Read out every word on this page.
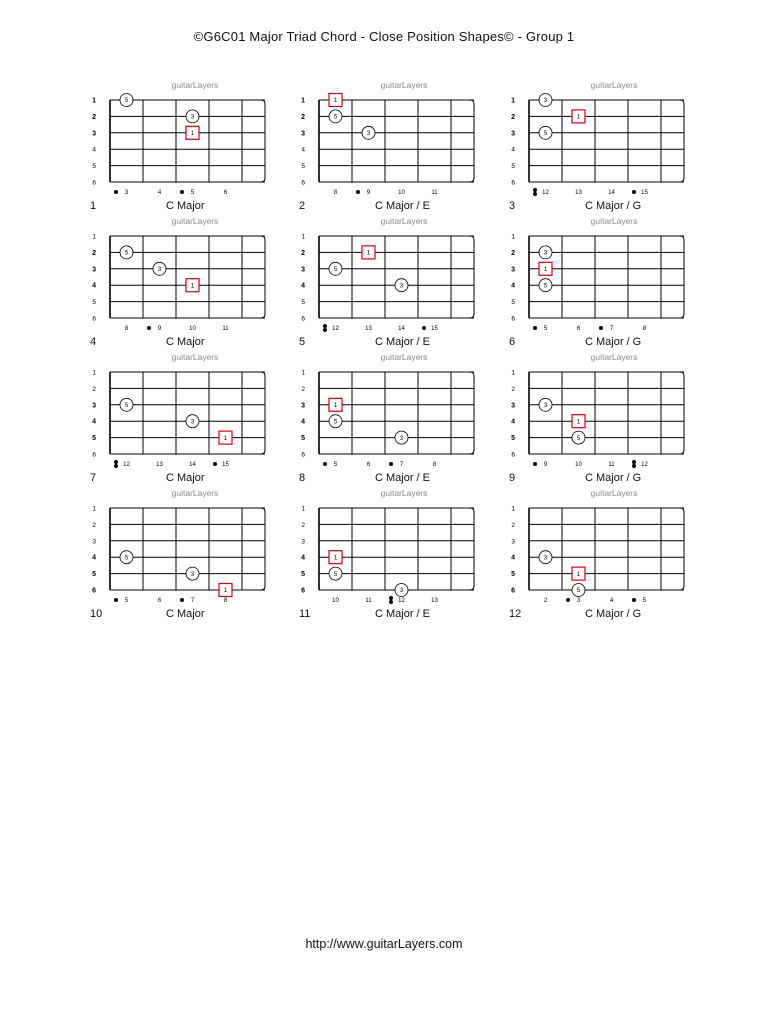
©G6C01 Major Triad Chord - Close Position Shapes© - Group 1
guitarLayers
1
2
3
4
5
6
3	4	5	6
5
3
1
1	C Major
guitarLayers
1
2
3
4
5
6
8	9	10	11
1
5
3
2	C Major / E
guitarLayers
1
2
3
4
5
6
12	13	14	15
3
1
5
3	C Major / G
guitarLayers
1
2
3
4
5
6
8	9	10	11
5
3
1
4	C Major
guitarLayers
1
2
3
4
5
6
12	13	14	15
1
5
3
5	C Major / E
guitarLayers
1
2
3
4
5
6
5	6	7	8
3
1
5
6	C Major / G
guitarLayers
1
2
3
4
5
6
12	13	14	15
5
3
1
7	C Major
guitarLayers
1
2
3
4
5
6
5	6	7	8
1
5
3
8	C Major / E
guitarLayers
1
2
3
4
5
6
9	10	11	12
3
1
5
9	C Major / G
guitarLayers
1
2
3
4
5
6
5	6	7	8
5
3
1
10	C Major
guitarLayers
1
2
3
4
5
6
10	11	12	13
1
5
3
11	C Major / E
guitarLayers
1
2
3
4
5
6
2	3	4	5
3
1
5
12	C Major / G
http://www.guitarLayers.com
